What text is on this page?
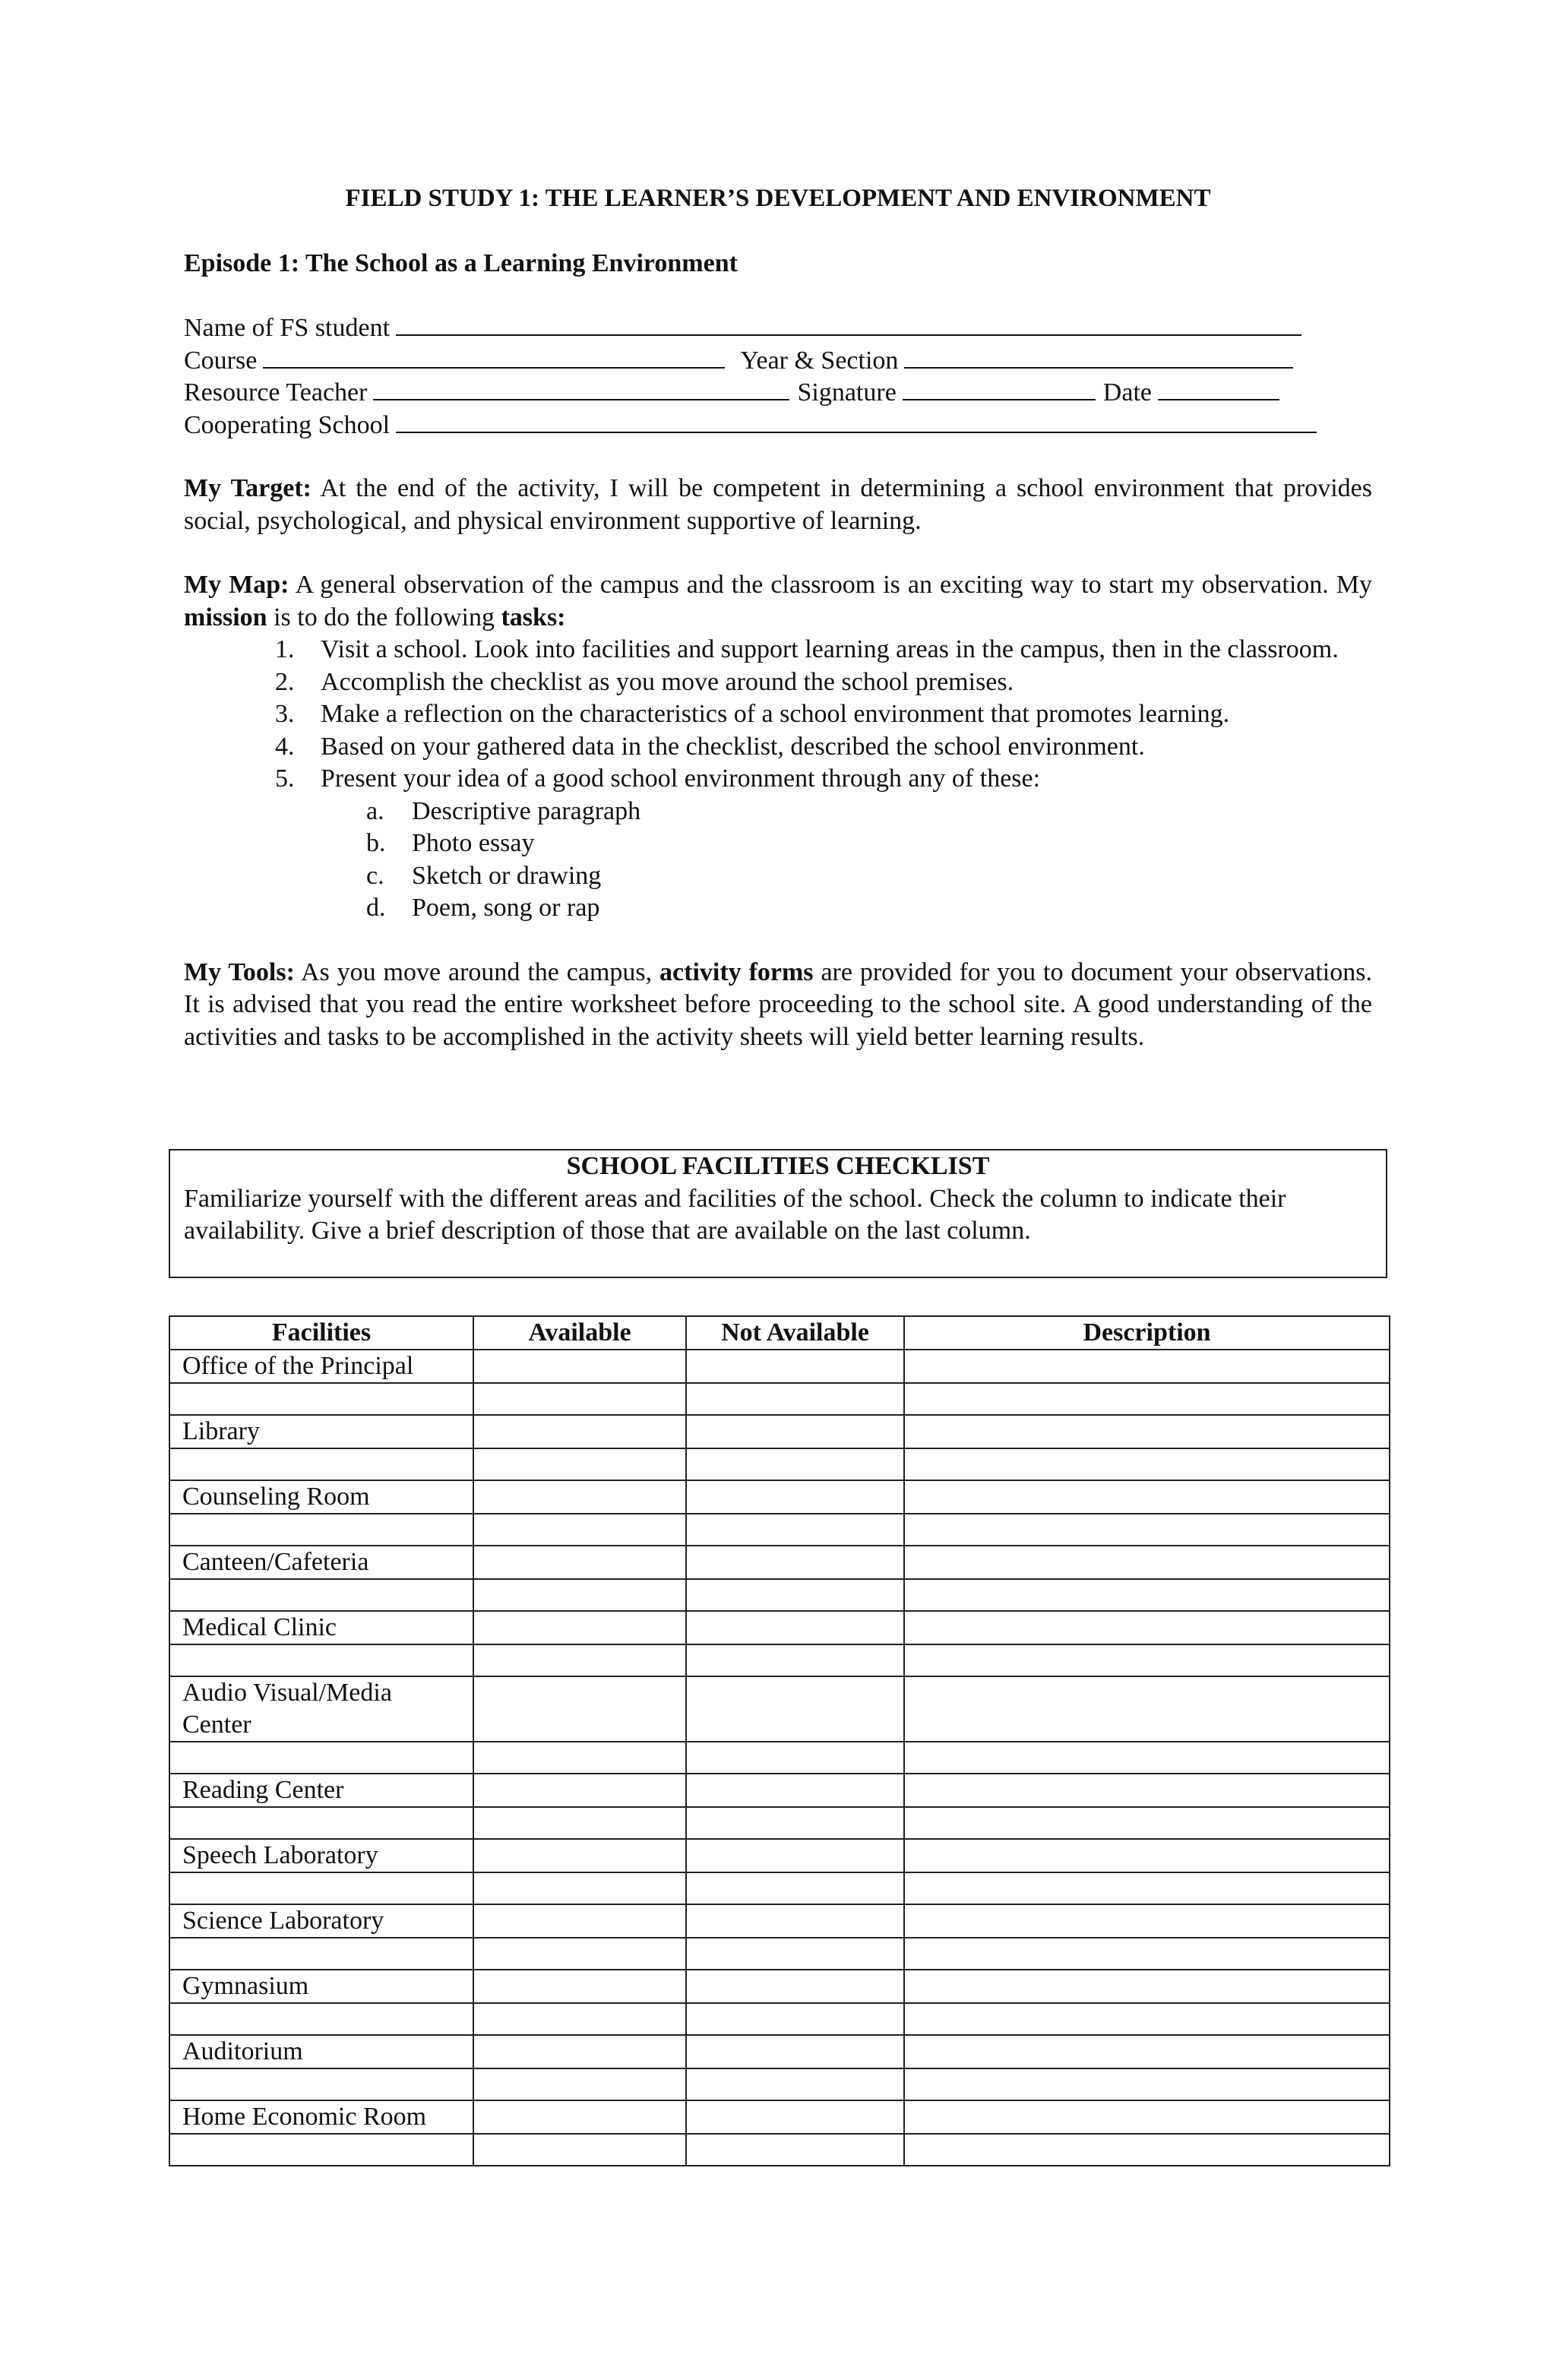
FIELD STUDY 1: THE LEARNER’S DEVELOPMENT AND ENVIRONMENT
Episode 1: The School as a Learning Environment
Name of FS student
Course	Year & Section
Resource Teacher	Signature	Date
Cooperating School
My Target: At the end of the activity, I will be competent in determining a school environment that provides social, psychological, and physical environment supportive of learning.
My Map: A general observation of the campus and the classroom is an exciting way to start my observation. My mission is to do the following tasks:
1. Visit a school. Look into facilities and support learning areas in the campus, then in the classroom.
2. Accomplish the checklist as you move around the school premises.
3. Make a reflection on the characteristics of a school environment that promotes learning.
4. Based on your gathered data in the checklist, described the school environment.
5. Present your idea of a good school environment through any of these:
a. Descriptive paragraph
b. Photo essay
c. Sketch or drawing
d. Poem, song or rap
My Tools: As you move around the campus, activity forms are provided for you to document your observations. It is advised that you read the entire worksheet before proceeding to the school site. A good understanding of the activities and tasks to be accomplished in the activity sheets will yield better learning results.
SCHOOL FACILITIES CHECKLIST
Familiarize yourself with the different areas and facilities of the school. Check the column to indicate their availability. Give a brief description of those that are available on the last column.
Facilities	Available	Not Available	Description
Office of the Principal			

Library			

Counseling Room			

Canteen/Cafeteria			

Medical Clinic			

Audio Visual/Media Center			

Reading Center			

Speech Laboratory			

Science Laboratory			

Gymnasium			

Auditorium			

Home Economic Room			
